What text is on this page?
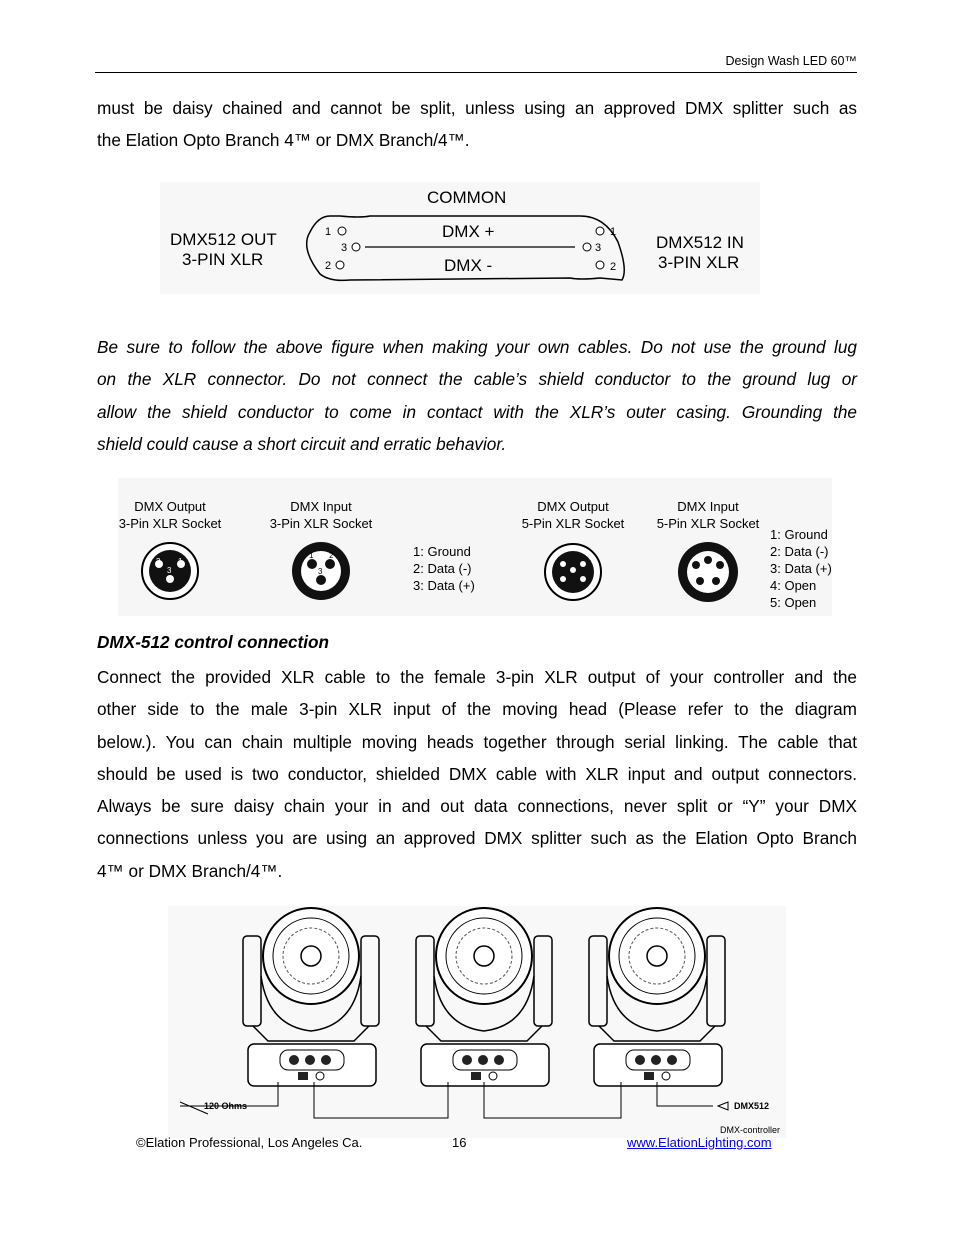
Design Wash LED 60™
must be daisy chained and cannot be split, unless using an approved DMX splitter such as
the Elation Opto Branch 4™ or DMX Branch/4™.
DMX512 OUT
3-PIN XLR
DMX512 IN
3-PIN XLR
COMMON
DMX +
DMX -
1
3
2
1
3
2
Be sure to follow the above figure when making your own cables. Do not use the ground lug
on the XLR connector. Do not connect the cable’s shield conductor to the ground lug or
allow the shield conductor to come in contact with the XLR’s outer casing. Grounding the
shield could cause a short circuit and erratic behavior.
DMX Output
3-Pin XLR Socket
DMX Input
3-Pin XLR Socket
DMX Output
5-Pin XLR Socket
DMX Input
5-Pin XLR Socket
2 1
3
1 2
3
1: Ground
2: Data (-)
3: Data (+)
1: Ground
2: Data (-)
3: Data (+)
4: Open
5: Open
DMX-512 control connection
Connect the provided XLR cable to the female 3-pin XLR output of your controller and the
other side to the male 3-pin XLR input of the moving head (Please refer to the diagram
below.). You can chain multiple moving heads together through serial linking. The cable that
should be used is two conductor, shielded DMX cable with XLR input and output connectors.
Always be sure daisy chain your in and out data connections, never split or “Y” your DMX
connections unless you are using an approved DMX splitter such as the Elation Opto Branch
4™ or DMX Branch/4™.
120 Ohms	DMX512
DMX-controller
©Elation Professional, Los Angeles Ca.	16	www.ElationLighting.com
